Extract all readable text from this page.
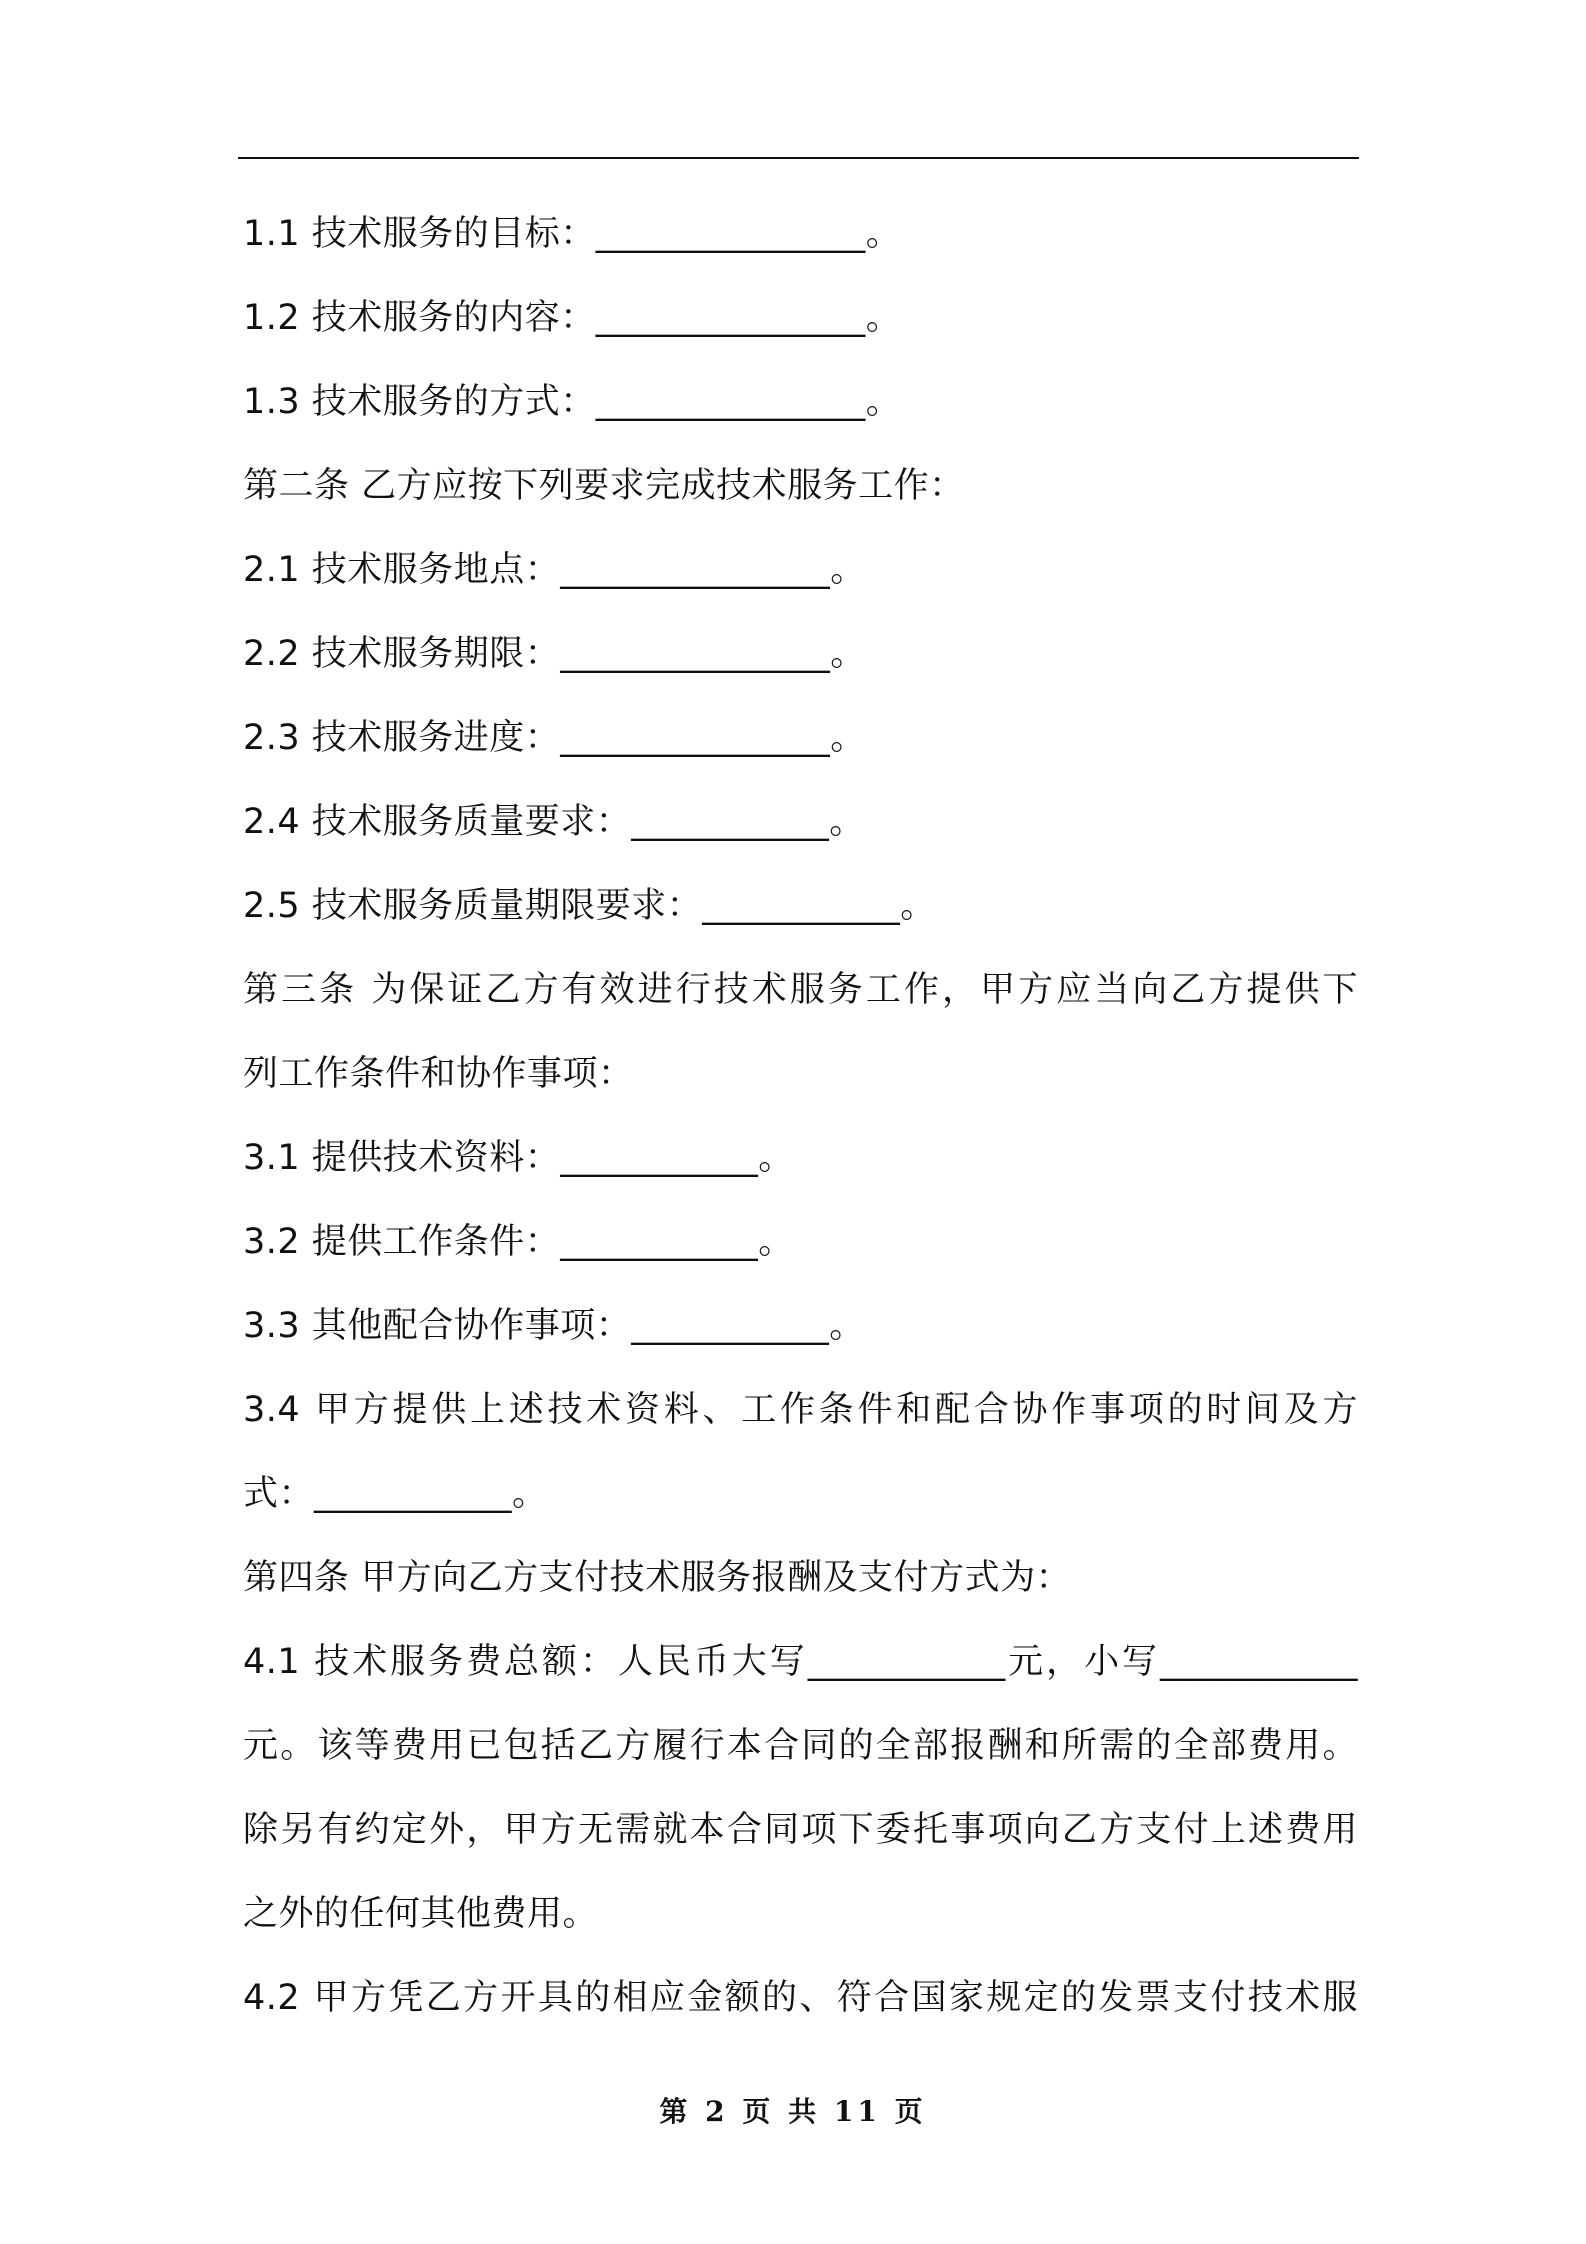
1.1 技术服务的目标：_______________。
1.2 技术服务的内容：_______________。
1.3 技术服务的方式：_______________。
第二条 乙方应按下列要求完成技术服务工作：
2.1 技术服务地点：_______________。
2.2 技术服务期限：_______________。
2.3 技术服务进度：_______________。
2.4 技术服务质量要求：___________。
2.5 技术服务质量期限要求：___________。
第三条 为保证乙方有效进行技术服务工作，甲方应当向乙方提供下
列工作条件和协作事项：
3.1 提供技术资料：___________。
3.2 提供工作条件：___________。
3.3 其他配合协作事项：___________。
3.4 甲方提供上述技术资料、工作条件和配合协作事项的时间及方
式：___________。
第四条 甲方向乙方支付技术服务报酬及支付方式为：
4.1 技术服务费总额：人民币大写___________元，小写___________
元。该等费用已包括乙方履行本合同的全部报酬和所需的全部费用。
除另有约定外，甲方无需就本合同项下委托事项向乙方支付上述费用
之外的任何其他费用。
4.2 甲方凭乙方开具的相应金额的、符合国家规定的发票支付技术服
第 2 页 共 11 页
